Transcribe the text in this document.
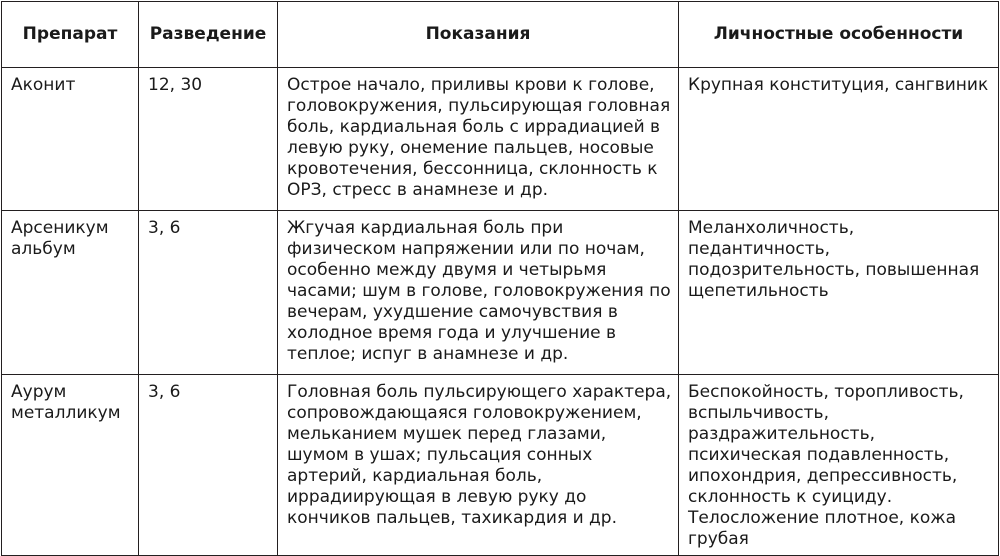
Препарат	Разведение	Показания	Личностные особенности
Аконит	12, 30	Острое начало, приливы крови к голове, головокружения, пульсирующая головная боль, кардиальная боль с иррадиацией в левую руку, онемение пальцев, носовые кровотечения, бессонница, склонность к ОРЗ, стресс в анамнезе и др.	Крупная конституция, сангвиник
Арсеникум альбум	3, 6	Жгучая кардиальная боль при физическом напряжении или по ночам, особенно между двумя и четырьмя часами; шум в голове, головокружения по вечерам, ухудшение самочувствия в холодное время года и улучшение в теплое; испуг в анамнезе и др.	Меланхоличность, педантичность, подозрительность, повышенная щепетильность
Аурум металликум	3, 6	Головная боль пульсирующего характера, сопровождающаяся головокружением, мельканием мушек перед глазами, шумом в ушах; пульсация сонных артерий, кардиальная боль, иррадиирующая в левую руку до кончиков пальцев, тахикардия и др.	Беспокойность, торопливость, вспыльчивость, раздражительность, психическая подавленность, ипохондрия, депрессивность, склонность к суициду. Телосложение плотное, кожа грубая
